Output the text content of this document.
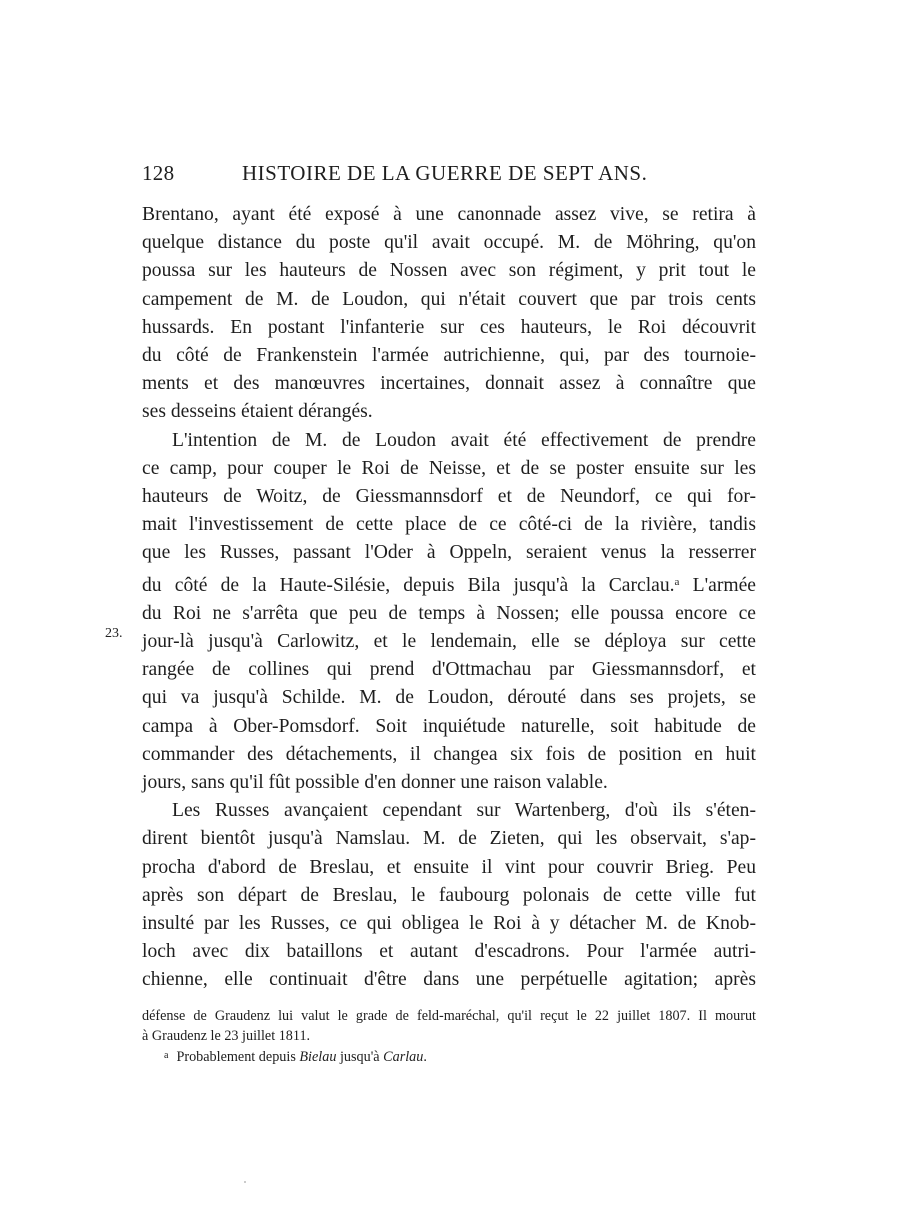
128	HISTOIRE DE LA GUERRE DE SEPT ANS.
23.

Brentano, ayant été exposé à une canonnade assez vive, se retira à
quelque distance du poste qu'il avait occupé. M. de Möhring, qu'on
poussa sur les hauteurs de Nossen avec son régiment, y prit tout le
campement de M. de Loudon, qui n'était couvert que par trois cents
hussards. En postant l'infanterie sur ces hauteurs, le Roi découvrit
du côté de Frankenstein l'armée autrichienne, qui, par des tournoie-
ments et des manœuvres incertaines, donnait assez à connaître que
ses desseins étaient dérangés.

L'intention de M. de Loudon avait été effectivement de prendre
ce camp, pour couper le Roi de Neisse, et de se poster ensuite sur les
hauteurs de Woitz, de Giessmannsdorf et de Neundorf, ce qui for-
mait l'investissement de cette place de ce côté-ci de la rivière, tandis
que les Russes, passant l'Oder à Oppeln, seraient venus la resserrer
du côté de la Haute-Silésie, depuis Bila jusqu'à la Carclau.$^a$ L'armée
du Roi ne s'arrêta que peu de temps à Nossen; elle poussa encore ce
jour-là jusqu'à Carlowitz, et le lendemain, elle se déploya sur cette
rangée de collines qui prend d'Ottmachau par Giessmannsdorf, et
qui va jusqu'à Schilde. M. de Loudon, dérouté dans ses projets, se
campa à Ober-Pomsdorf. Soit inquiétude naturelle, soit habitude de
commander des détachements, il changea six fois de position en huit
jours, sans qu'il fût possible d'en donner une raison valable.

Les Russes avançaient cependant sur Wartenberg, d'où ils s'éten-
dirent bientôt jusqu'à Namslau. M. de Zieten, qui les observait, s'ap-
procha d'abord de Breslau, et ensuite il vint pour couvrir Brieg. Peu
après son départ de Breslau, le faubourg polonais de cette ville fut
insulté par les Russes, ce qui obligea le Roi à y détacher M. de Knob-
loch avec dix bataillons et autant d'escadrons. Pour l'armée autri-
chienne, elle continuait d'être dans une perpétuelle agitation; après

défense de Graudenz lui valut le grade de feld-maréchal, qu'il reçut le 22 juillet 1807. Il mourut
à Graudenz le 23 juillet 1811.
$^a$ Probablement depuis Bielau jusqu'à Carlau.
